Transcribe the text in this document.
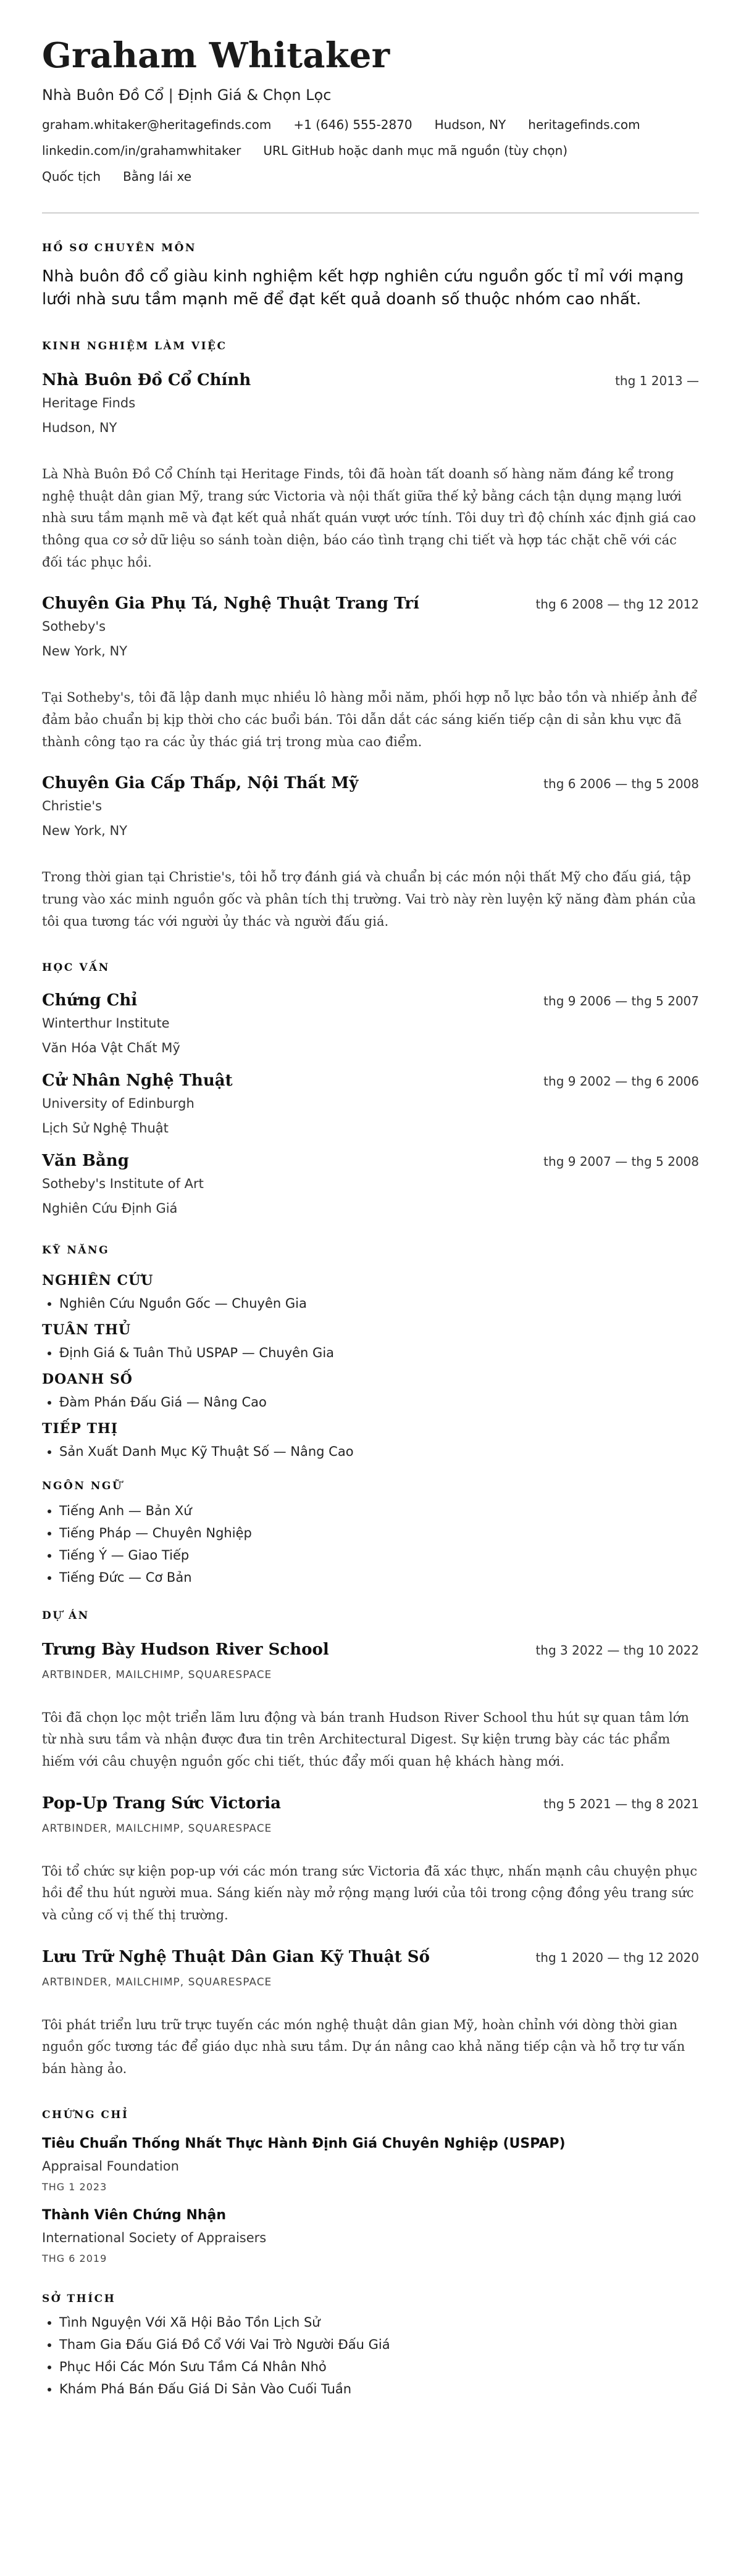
Graham Whitaker
Nhà Buôn Đồ Cổ | Định Giá & Chọn Lọc
graham.whitaker@heritagefinds.com +1 (646) 555-2870 Hudson, NY heritagefinds.com
linkedin.com/in/grahamwhitaker URL GitHub hoặc danh mục mã nguồn (tùy chọn)
Quốc tịch Bằng lái xe
HỒ SƠ CHUYÊN MÔN
Nhà buôn đồ cổ giàu kinh nghiệm kết hợp nghiên cứu nguồn gốc tỉ mỉ với mạng lưới nhà sưu tầm mạnh mẽ để đạt kết quả doanh số thuộc nhóm cao nhất.
KINH NGHIỆM LÀM VIỆC
Nhà Buôn Đồ Cổ Chính	thg 1 2013 —
Heritage Finds
Hudson, NY
Là Nhà Buôn Đồ Cổ Chính tại Heritage Finds, tôi đã hoàn tất doanh số hàng năm đáng kể trong nghệ thuật dân gian Mỹ, trang sức Victoria và nội thất giữa thế kỷ bằng cách tận dụng mạng lưới nhà sưu tầm mạnh mẽ và đạt kết quả nhất quán vượt ước tính. Tôi duy trì độ chính xác định giá cao thông qua cơ sở dữ liệu so sánh toàn diện, báo cáo tình trạng chi tiết và hợp tác chặt chẽ với các đối tác phục hồi.
Chuyên Gia Phụ Tá, Nghệ Thuật Trang Trí	thg 6 2008 — thg 12 2012
Sotheby's
New York, NY
Tại Sotheby's, tôi đã lập danh mục nhiều lô hàng mỗi năm, phối hợp nỗ lực bảo tồn và nhiếp ảnh để đảm bảo chuẩn bị kịp thời cho các buổi bán. Tôi dẫn dắt các sáng kiến tiếp cận di sản khu vực đã thành công tạo ra các ủy thác giá trị trong mùa cao điểm.
Chuyên Gia Cấp Thấp, Nội Thất Mỹ	thg 6 2006 — thg 5 2008
Christie's
New York, NY
Trong thời gian tại Christie's, tôi hỗ trợ đánh giá và chuẩn bị các món nội thất Mỹ cho đấu giá, tập trung vào xác minh nguồn gốc và phân tích thị trường. Vai trò này rèn luyện kỹ năng đàm phán của tôi qua tương tác với người ủy thác và người đấu giá.
HỌC VẤN
Chứng Chỉ	thg 9 2006 — thg 5 2007
Winterthur Institute
Văn Hóa Vật Chất Mỹ
Cử Nhân Nghệ Thuật	thg 9 2002 — thg 6 2006
University of Edinburgh
Lịch Sử Nghệ Thuật
Văn Bằng	thg 9 2007 — thg 5 2008
Sotheby's Institute of Art
Nghiên Cứu Định Giá
KỸ NĂNG
NGHIÊN CỨU
• Nghiên Cứu Nguồn Gốc — Chuyên Gia
TUÂN THỦ
• Định Giá & Tuân Thủ USPAP — Chuyên Gia
DOANH SỐ
• Đàm Phán Đấu Giá — Nâng Cao
TIẾP THỊ
• Sản Xuất Danh Mục Kỹ Thuật Số — Nâng Cao
NGÔN NGỮ
• Tiếng Anh — Bản Xứ
• Tiếng Pháp — Chuyên Nghiệp
• Tiếng Ý — Giao Tiếp
• Tiếng Đức — Cơ Bản
DỰ ÁN
Trưng Bày Hudson River School	thg 3 2022 — thg 10 2022
ARTBINDER, MAILCHIMP, SQUARESPACE
Tôi đã chọn lọc một triển lãm lưu động và bán tranh Hudson River School thu hút sự quan tâm lớn từ nhà sưu tầm và nhận được đưa tin trên Architectural Digest. Sự kiện trưng bày các tác phẩm hiếm với câu chuyện nguồn gốc chi tiết, thúc đẩy mối quan hệ khách hàng mới.
Pop-Up Trang Sức Victoria	thg 5 2021 — thg 8 2021
ARTBINDER, MAILCHIMP, SQUARESPACE
Tôi tổ chức sự kiện pop-up với các món trang sức Victoria đã xác thực, nhấn mạnh câu chuyện phục hồi để thu hút người mua. Sáng kiến này mở rộng mạng lưới của tôi trong cộng đồng yêu trang sức và củng cố vị thế thị trường.
Lưu Trữ Nghệ Thuật Dân Gian Kỹ Thuật Số	thg 1 2020 — thg 12 2020
ARTBINDER, MAILCHIMP, SQUARESPACE
Tôi phát triển lưu trữ trực tuyến các món nghệ thuật dân gian Mỹ, hoàn chỉnh với dòng thời gian nguồn gốc tương tác để giáo dục nhà sưu tầm. Dự án nâng cao khả năng tiếp cận và hỗ trợ tư vấn bán hàng ảo.
CHỨNG CHỈ
Tiêu Chuẩn Thống Nhất Thực Hành Định Giá Chuyên Nghiệp (USPAP)
Appraisal Foundation
THG 1 2023
Thành Viên Chứng Nhận
International Society of Appraisers
THG 6 2019
SỞ THÍCH
• Tình Nguyện Với Xã Hội Bảo Tồn Lịch Sử
• Tham Gia Đấu Giá Đồ Cổ Với Vai Trò Người Đấu Giá
• Phục Hồi Các Món Sưu Tầm Cá Nhân Nhỏ
• Khám Phá Bán Đấu Giá Di Sản Vào Cuối Tuần
